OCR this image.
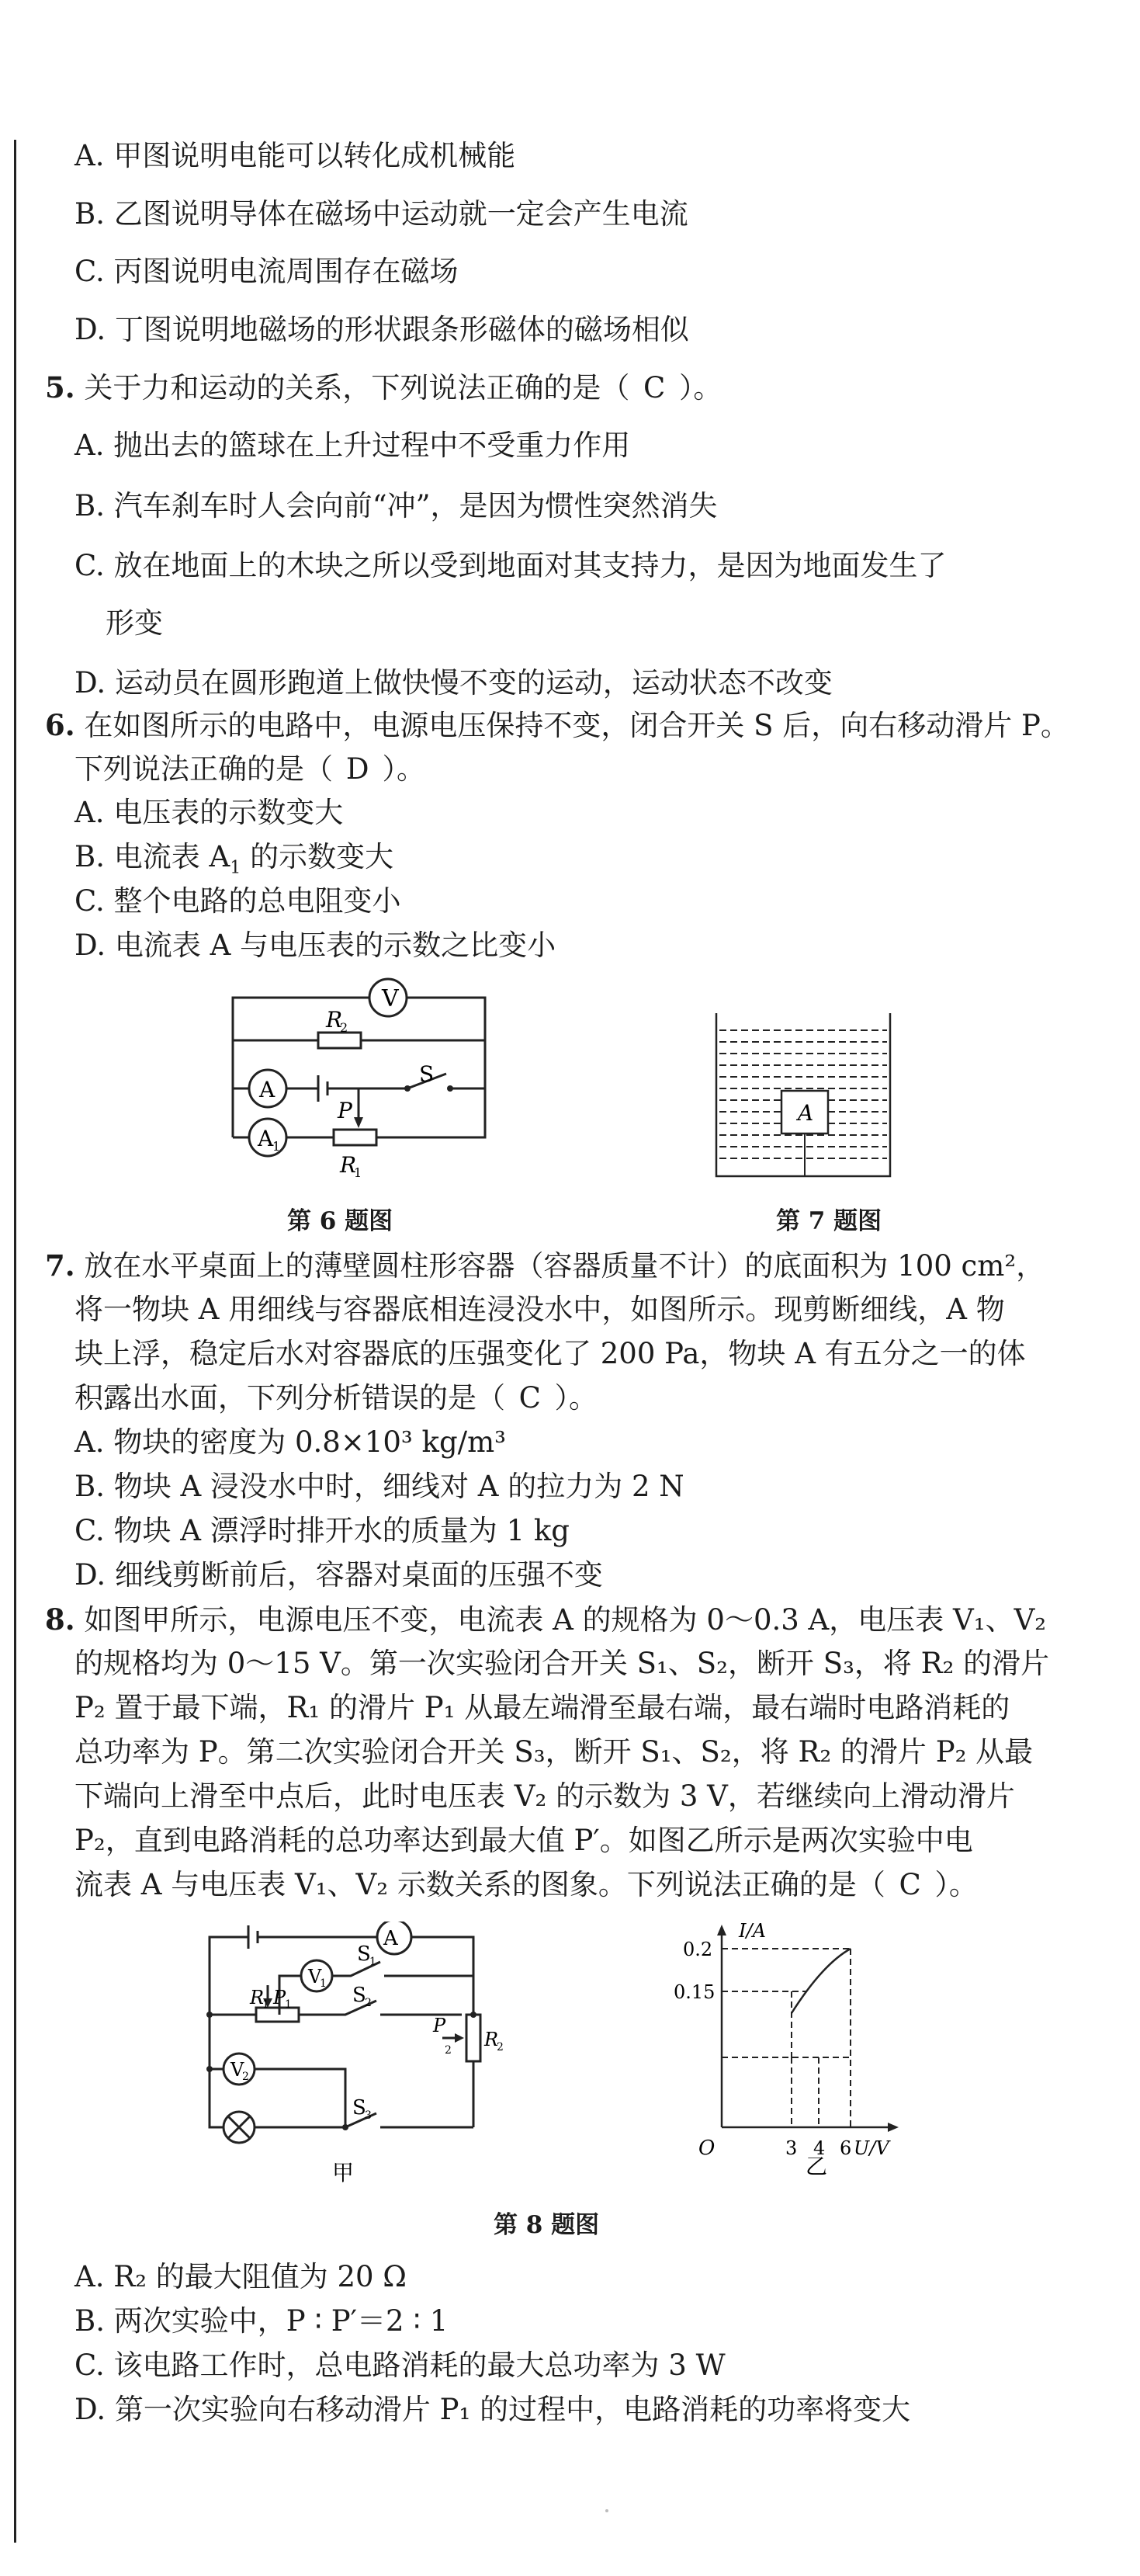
A. 甲图说明电能可以转化成机械能
B. 乙图说明导体在磁场中运动就一定会产生电流
C. 丙图说明电流周围存在磁场
D. 丁图说明地磁场的形状跟条形磁体的磁场相似
5. 关于力和运动的关系，下列说法正确的是（ C ）。
A. 抛出去的篮球在上升过程中不受重力作用
B. 汽车刹车时人会向前“冲”，是因为惯性突然消失
C. 放在地面上的木块之所以受到地面对其支持力，是因为地面发生了
形变
D. 运动员在圆形跑道上做快慢不变的运动，运动状态不改变
6. 在如图所示的电路中，电源电压保持不变，闭合开关 S 后，向右移动滑片 P。
下列说法正确的是（ D ）。
A. 电压表的示数变大
B. 电流表 $A_1$ 的示数变大
C. 整个电路的总电阻变小
D. 电流表 A 与电压表的示数之比变小
V
A
A
1
R
2
R
1
S
P
第 6 题图
A
第 7 题图
7. 放在水平桌面上的薄壁圆柱形容器（容器质量不计）的底面积为 100 cm²，
将一物块 A 用细线与容器底相连浸没水中，如图所示。现剪断细线，A 物
块上浮，稳定后水对容器底的压强变化了 200 Pa，物块 A 有五分之一的体
积露出水面，下列分析错误的是（ C ）。
A. 物块的密度为 0.8×10³ kg/m³
B. 物块 A 浸没水中时，细线对 A 的拉力为 2 N
C. 物块 A 漂浮时排开水的质量为 1 kg
D. 细线剪断前后，容器对桌面的压强不变
8. 如图甲所示，电源电压不变，电流表 A 的规格为 0～0.3 A，电压表 V₁、V₂
的规格均为 0～15 V。第一次实验闭合开关 S₁、S₂，断开 S₃，将 R₂ 的滑片
P₂ 置于最下端，R₁ 的滑片 P₁ 从最左端滑至最右端，最右端时电路消耗的
总功率为 P。第二次实验闭合开关 S₃，断开 S₁、S₂，将 R₂ 的滑片 P₂ 从最
下端向上滑至中点后，此时电压表 V₂ 的示数为 3 V，若继续向上滑动滑片
P₂，直到电路消耗的总功率达到最大值 P′。如图乙所示是两次实验中电
流表 A 与电压表 V₁、V₂ 示数关系的图象。下列说法正确的是（ C ）。
A
V
1
V
2
S
1
S
2
S
3
R
1 P
1
R
2
P
2
甲
I/A
0.2
0.15
O	3 4 6 U/V
乙
第 8 题图
A. R₂ 的最大阻值为 20 Ω
B. 两次实验中，P ∶ P′＝2 ∶ 1
C. 该电路工作时，总电路消耗的最大总功率为 3 W
D. 第一次实验向右移动滑片 P₁ 的过程中，电路消耗的功率将变大
